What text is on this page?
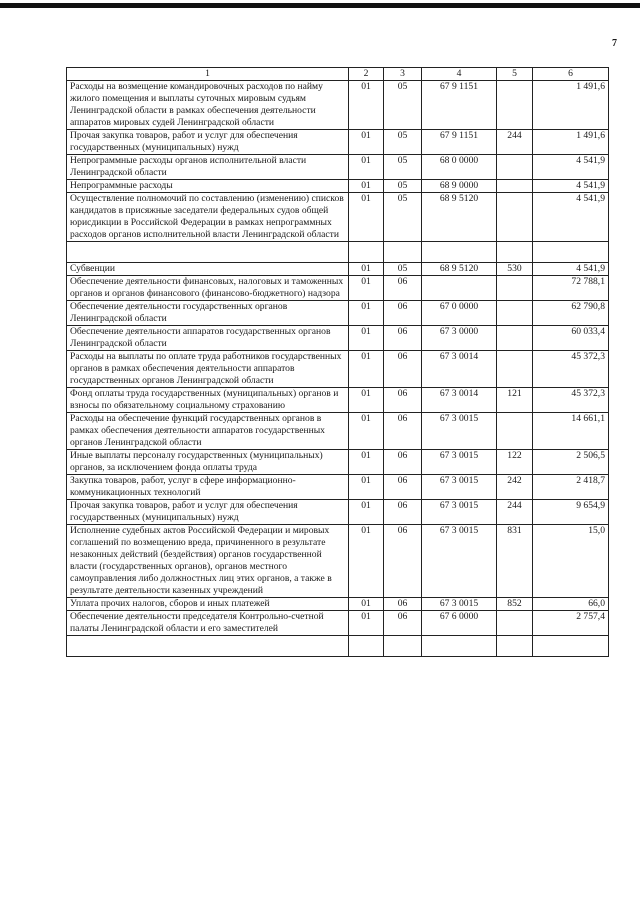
7
1	2	3	4	5	6
Расходы на возмещение командировочных расходов по найму жилого помещения и выплаты суточных мировым судьям Ленинградской области в рамках обеспечения деятельности аппаратов мировых судей Ленинградской области	01	05	67 9 1151		1 491,6
Прочая закупка товаров, работ и услуг для обеспечения государственных (муниципальных) нужд	01	05	67 9 1151	244	1 491,6
Непрограммные расходы органов исполнительной власти Ленинградской области	01	05	68 0 0000		4 541,9
Непрограммные расходы	01	05	68 9 0000		4 541,9
Осуществление полномочий по составлению (изменению) списков кандидатов в присяжные заседатели федеральных судов общей юрисдикции в Российской Федерации в рамках непрограммных расходов органов исполнительной власти Ленинградской области	01	05	68 9 5120		4 541,9

Субвенции	01	05	68 9 5120	530	4 541,9
Обеспечение деятельности финансовых, налоговых и таможенных органов и органов финансового (финансово-бюджетного) надзора	01	06			72 788,1
Обеспечение деятельности государственных органов Ленинградской области	01	06	67 0 0000		62 790,8
Обеспечение деятельности аппаратов государственных органов Ленинградской области	01	06	67 3 0000		60 033,4
Расходы на выплаты по оплате труда работников государственных органов в рамках обеспечения деятельности аппаратов государственных органов Ленинградской области	01	06	67 3 0014		45 372,3
Фонд оплаты труда государственных (муниципальных) органов и взносы по обязательному социальному страхованию	01	06	67 3 0014	121	45 372,3
Расходы на обеспечение функций государственных органов в рамках обеспечения деятельности аппаратов государственных органов Ленинградской области	01	06	67 3 0015		14 661,1
Иные выплаты персоналу государственных (муниципальных) органов, за исключением фонда оплаты труда	01	06	67 3 0015	122	2 506,5
Закупка товаров, работ, услуг в сфере информационно-коммуникационных технологий	01	06	67 3 0015	242	2 418,7
Прочая закупка товаров, работ и услуг для обеспечения государственных (муниципальных) нужд	01	06	67 3 0015	244	9 654,9
Исполнение судебных актов Российской Федерации и мировых соглашений по возмещению вреда, причиненного в результате незаконных действий (бездействия) органов государственной власти (государственных органов), органов местного самоуправления либо должностных лиц этих органов, а также в результате деятельности казенных учреждений	01	06	67 3 0015	831	15,0
Уплата прочих налогов, сборов и иных платежей	01	06	67 3 0015	852	66,0
Обеспечение деятельности председателя Контрольно-счетной палаты Ленинградской области и его заместителей	01	06	67 6 0000		2 757,4
